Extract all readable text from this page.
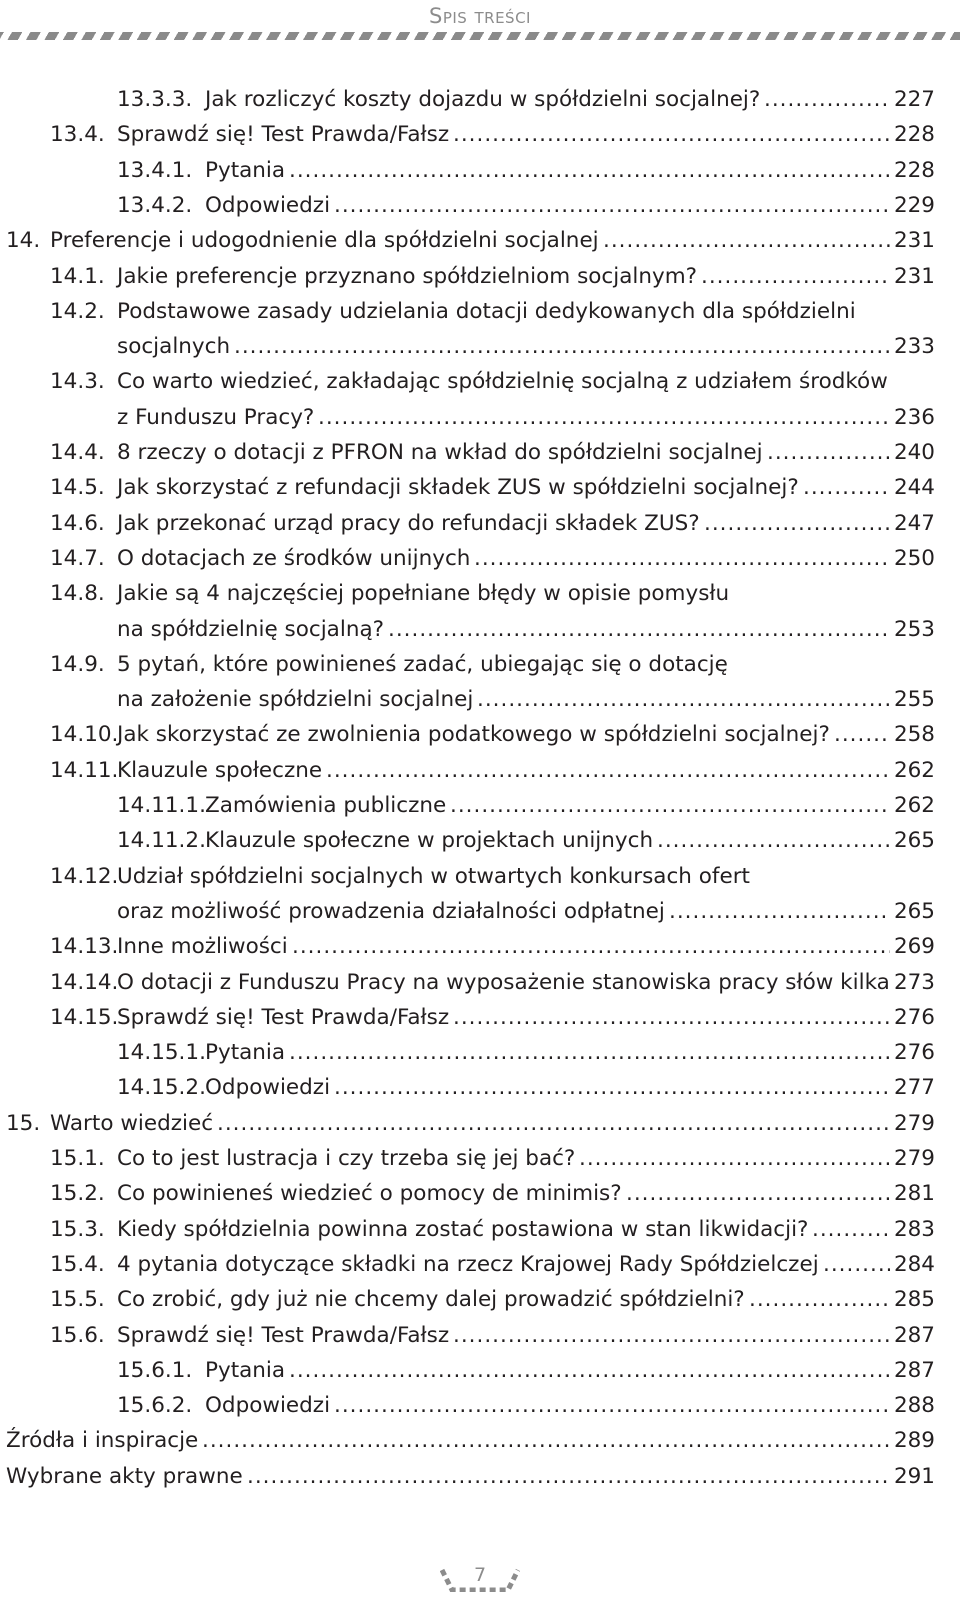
Spis treści
13.3.3. Jak rozliczyć koszty dojazdu w spółdzielni socjalnej?	227
.....
13.4. Sprawdź się! Test Prawda/Fałsz	228
.....
13.4.1. Pytania	228
.....
13.4.2. Odpowiedzi	229
.....
14. Preferencje i udogodnienie dla spółdzielni socjalnej	231
.....
14.1. Jakie preferencje przyznano spółdzielniom socjalnym?	231
.....
14.2. Podstawowe zasady udzielania dotacji dedykowanych dla spółdzielni
socjalnych	233
.....
14.3. Co warto wiedzieć, zakładając spółdzielnię socjalną z udziałem środków
z Funduszu Pracy?	236
.....
14.4. 8 rzeczy o dotacji z PFRON na wkład do spółdzielni socjalnej	240
.....
14.5. Jak skorzystać z refundacji składek ZUS w spółdzielni socjalnej?	244
.....
14.6. Jak przekonać urząd pracy do refundacji składek ZUS?	247
.....
14.7. O dotacjach ze środków unijnych	250
.....
14.8. Jakie są 4 najczęściej popełniane błędy w opisie pomysłu
na spółdzielnię socjalną?	253
.....
14.9. 5 pytań, które powinieneś zadać, ubiegając się o dotację
na założenie spółdzielni socjalnej	255
.....
14.10.
Jak skorzystać ze zwolnienia podatkowego w spółdzielni socjalnej?	258
.....
14.11.
Klauzule społeczne	262
.....
14.11.1. Zamówienia publiczne	262
.....
14.11.2. Klauzule społeczne w projektach unijnych	265
.....
14.12.
Udział spółdzielni socjalnych w otwartych konkursach ofert
oraz możliwość prowadzenia działalności odpłatnej	265
.....
14.13.
Inne możliwości	269
.....
14.14.
O dotacji z Funduszu Pracy na wyposażenie stanowiska pracy słów kilka 273
14.15.
Sprawdź się! Test Prawda/Fałsz	276
.....
14.15.1. Pytania	276
.....
14.15.2. Odpowiedzi	277
.....
15. Warto wiedzieć	279
.....
15.1. Co to jest lustracja i czy trzeba się jej bać?	279
.....
15.2. Co powinieneś wiedzieć o pomocy de minimis?	281
.....
15.3. Kiedy spółdzielnia powinna zostać postawiona w stan likwidacji?	283
.....
15.4. 4 pytania dotyczące składki na rzecz Krajowej Rady Spółdzielczej	284
.....
15.5. Co zrobić, gdy już nie chcemy dalej prowadzić spółdzielni?	285
.....
15.6. Sprawdź się! Test Prawda/Fałsz	287
.....
15.6.1. Pytania	287
.....
15.6.2. Odpowiedzi	288
.....
Źródła i inspiracje	289
.....
Wybrane akty prawne	291
.....
7
